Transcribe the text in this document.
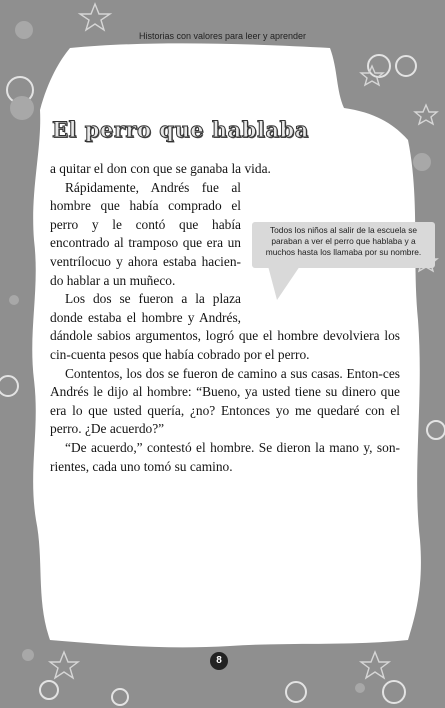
Historias con valores para leer y aprender
El perro que hablaba

a quitar el don con que se ganaba la vida.

Rápidamente, Andrés fue al hombre que había comprado el perro y le contó que había encontrado al tramposo que era un ventrílocuo y ahora estaba hacien-do hablar a un muñeco.

Los dos se fueron a la plaza donde estaba el hombre y Andrés, dándole sabios argumentos, logró que el hombre devolviera los cin-cuenta pesos que había cobrado por el perro.

Contentos, los dos se fueron de camino a sus casas. Enton-ces Andrés le dijo al hombre: “Bueno, ya usted tiene su dinero que era lo que usted quería, ¿no? Entonces yo me quedaré con el perro. ¿De acuerdo?”

“De acuerdo,” contestó el hombre. Se dieron la mano y, son-rientes, cada uno tomó su camino.

Todos los niños al salir de la escuela se paraban a ver el perro que hablaba y a muchos hasta los llamaba por su nombre.
8
